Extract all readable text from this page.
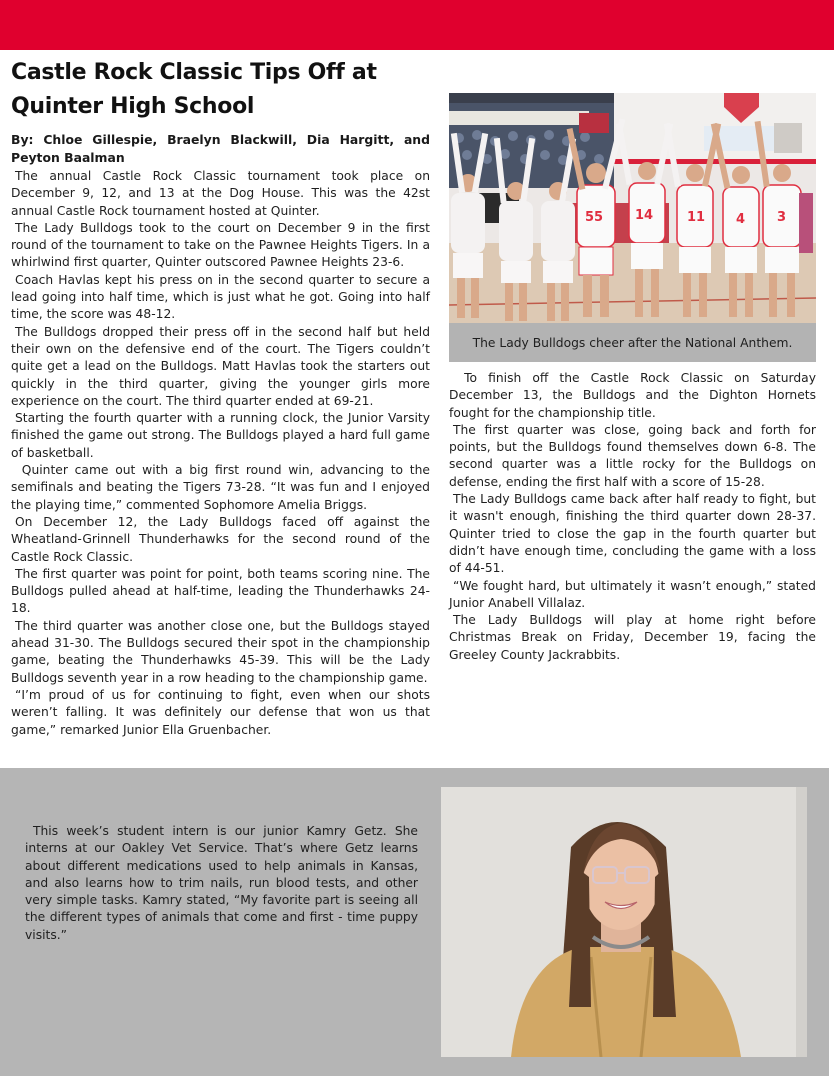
Castle Rock Classic Tips Off at Quinter High School

By: Chloe Gillespie, Braelyn Blackwill, Dia Hargitt, and Peyton Baalman

The annual Castle Rock Classic tournament took place on December 9, 12, and 13 at the Dog House. This was the 42st annual Castle Rock tournament hosted at Quinter.

The Lady Bulldogs took to the court on December 9 in the first round of the tournament to take on the Pawnee Heights Tigers. In a whirlwind first quarter, Quinter outscored Pawnee Heights 23-6.

Coach Havlas kept his press on in the second quarter to secure a lead going into half time, which is just what he got. Going into half time, the score was 48-12.

The Bulldogs dropped their press off in the second half but held their own on the defensive end of the court. The Tigers couldn’t quite get a lead on the Bulldogs. Matt Havlas took the starters out quickly in the third quarter, giving the younger girls more experience on the court. The third quarter ended at 69-21.

Starting the fourth quarter with a running clock, the Junior Varsity finished the game out strong. The Bulldogs played a hard full game of basketball.

Quinter came out with a big first round win, advancing to the semifinals and beating the Tigers 73-28. “It was fun and I enjoyed the playing time,” commented Sophomore Amelia Briggs.

On December 12, the Lady Bulldogs faced off against the Wheatland-Grinnell Thunderhawks for the second round of the Castle Rock Classic.

The first quarter was point for point, both teams scoring nine. The Bulldogs pulled ahead at half-time, leading the Thunderhawks 24-18.

The third quarter was another close one, but the Bulldogs stayed ahead 31-30. The Bulldogs secured their spot in the championship game, beating the Thunderhawks 45-39. This will be the Lady Bulldogs seventh year in a row heading to the championship game.

“I’m proud of us for continuing to fight, even when our shots weren’t falling. It was definitely our defense that won us that game,” remarked Junior Ella Gruenbacher.

55 14	11 4 3
The Lady Bulldogs cheer after the National Anthem.

To finish off the Castle Rock Classic on Saturday December 13, the Bulldogs and the Dighton Hornets fought for the championship title.

The first quarter was close, going back and forth for points, but the Bulldogs found themselves down 6-8. The second quarter was a little rocky for the Bulldogs on defense, ending the first half with a score of 15-28.

The Lady Bulldogs came back after half ready to fight, but it wasn't enough, finishing the third quarter down 28-37. Quinter tried to close the gap in the fourth quarter but didn’t have enough time, concluding the game with a loss of 44-51.

“We fought hard, but ultimately it wasn’t enough,” stated Junior Anabell Villalaz.

The Lady Bulldogs will play at home right before Christmas Break on Friday, December 19, facing the Greeley County Jackrabbits.

This week’s student intern is our junior Kamry Getz. She interns at our Oakley Vet Service. That’s where Getz learns about different medications used to help animals in Kansas, and also learns how to trim nails, run blood tests, and other very simple tasks. Kamry stated, “My favorite part is seeing all the different types of animals that come and first - time puppy visits.”
